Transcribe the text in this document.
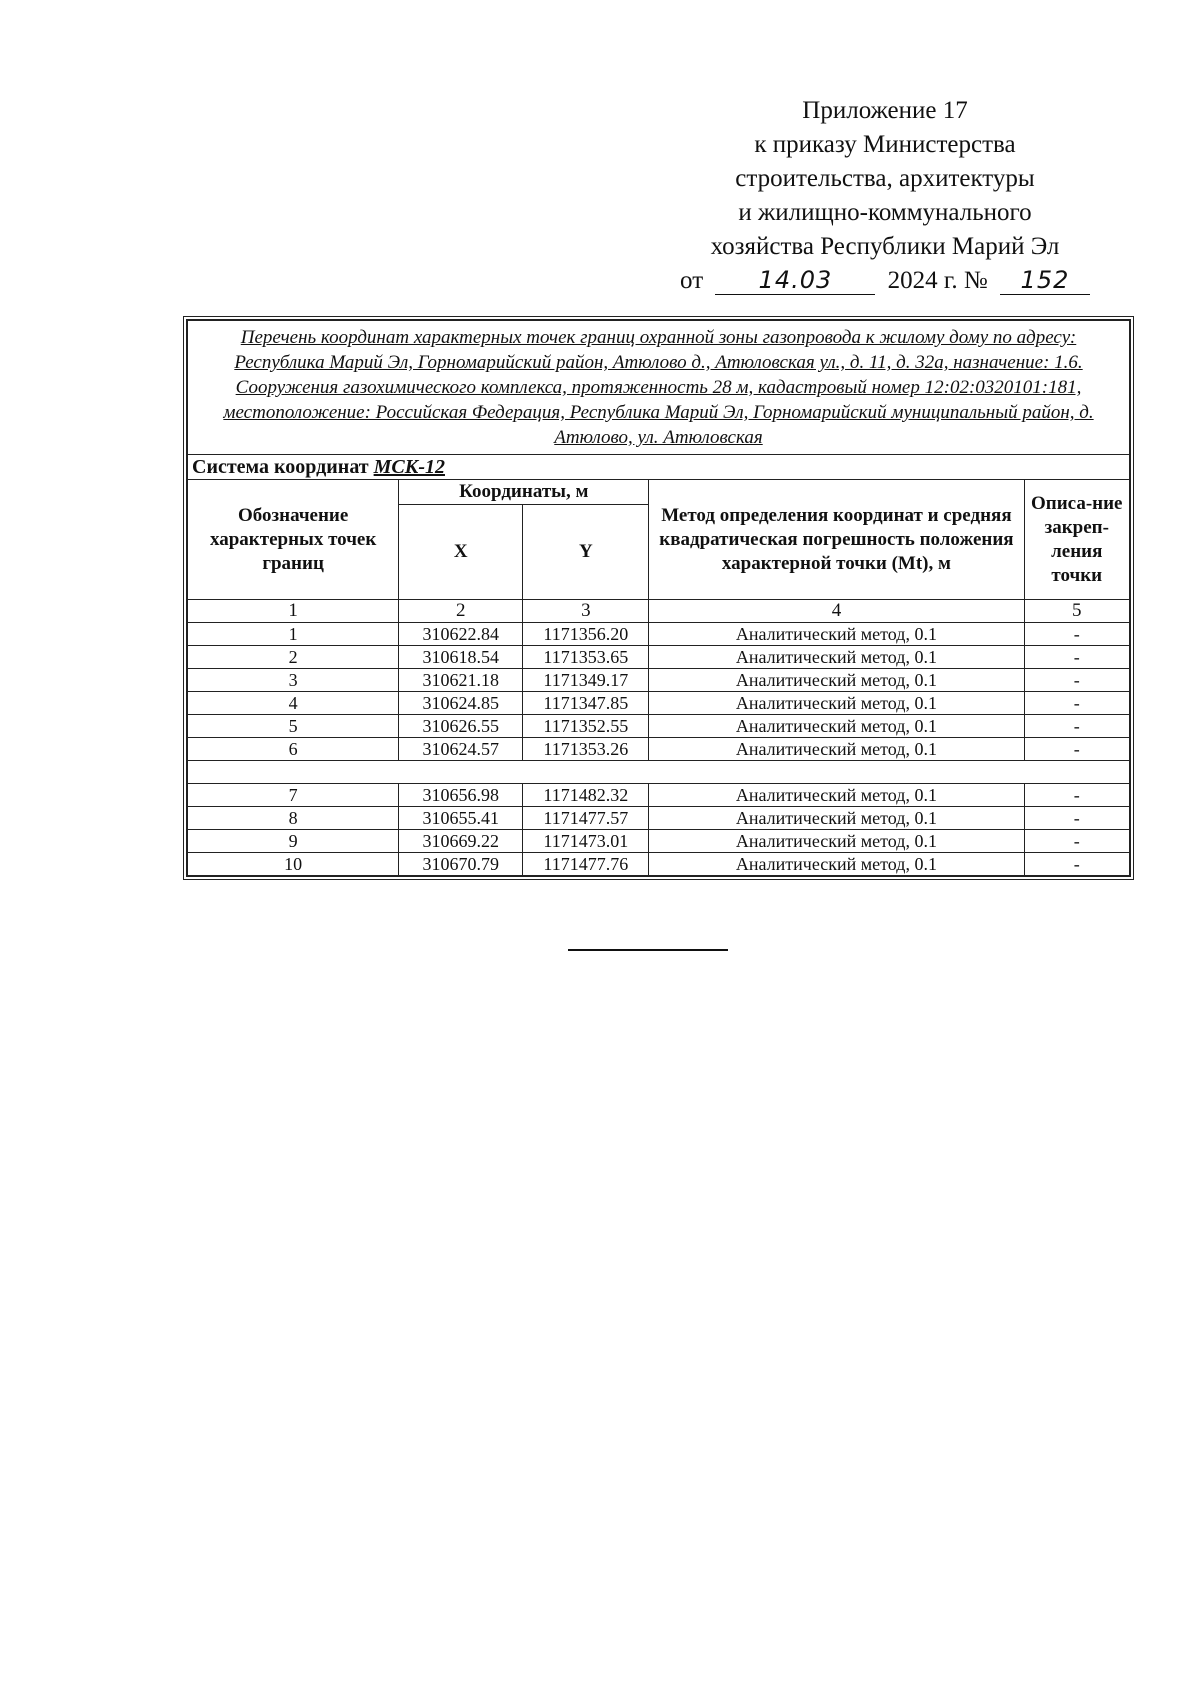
Приложение 17
к приказу Министерства
строительства, архитектуры
и жилищно-коммунального
хозяйства Республики Марий Эл
от 14.03 2024 г. № 152
Перечень координат характерных точек границ охранной зоны газопровода к жилому дому по адресу: Республика Марий Эл, Горномарийский район, Атюлово д., Атюловская ул., д. 11, д. 32а, назначение: 1.6. Сооружения газохимического комплекса, протяженность 28 м, кадастровый номер 12:02:0320101:181, местоположение: Российская Федерация, Республика Марий Эл, Горномарийский муниципальный район, д. Атюлово, ул. Атюловская				
Система координат МСК-12				
Обозначение характерных точек границ	Координаты, м		Метод определения координат и средняя квадратическая погрешность положения характерной точки (Mt), м	Описа-ние закреп-ления точки
	X	Y		
1	2	3	4	5
1	310622.84	1171356.20	Аналитический метод, 0.1	-
2	310618.54	1171353.65	Аналитический метод, 0.1	-
3	310621.18	1171349.17	Аналитический метод, 0.1	-
4	310624.85	1171347.85	Аналитический метод, 0.1	-
5	310626.55	1171352.55	Аналитический метод, 0.1	-
6	310624.57	1171353.26	Аналитический метод, 0.1	-

7	310656.98	1171482.32	Аналитический метод, 0.1	-
8	310655.41	1171477.57	Аналитический метод, 0.1	-
9	310669.22	1171473.01	Аналитический метод, 0.1	-
10	310670.79	1171477.76	Аналитический метод, 0.1	-
